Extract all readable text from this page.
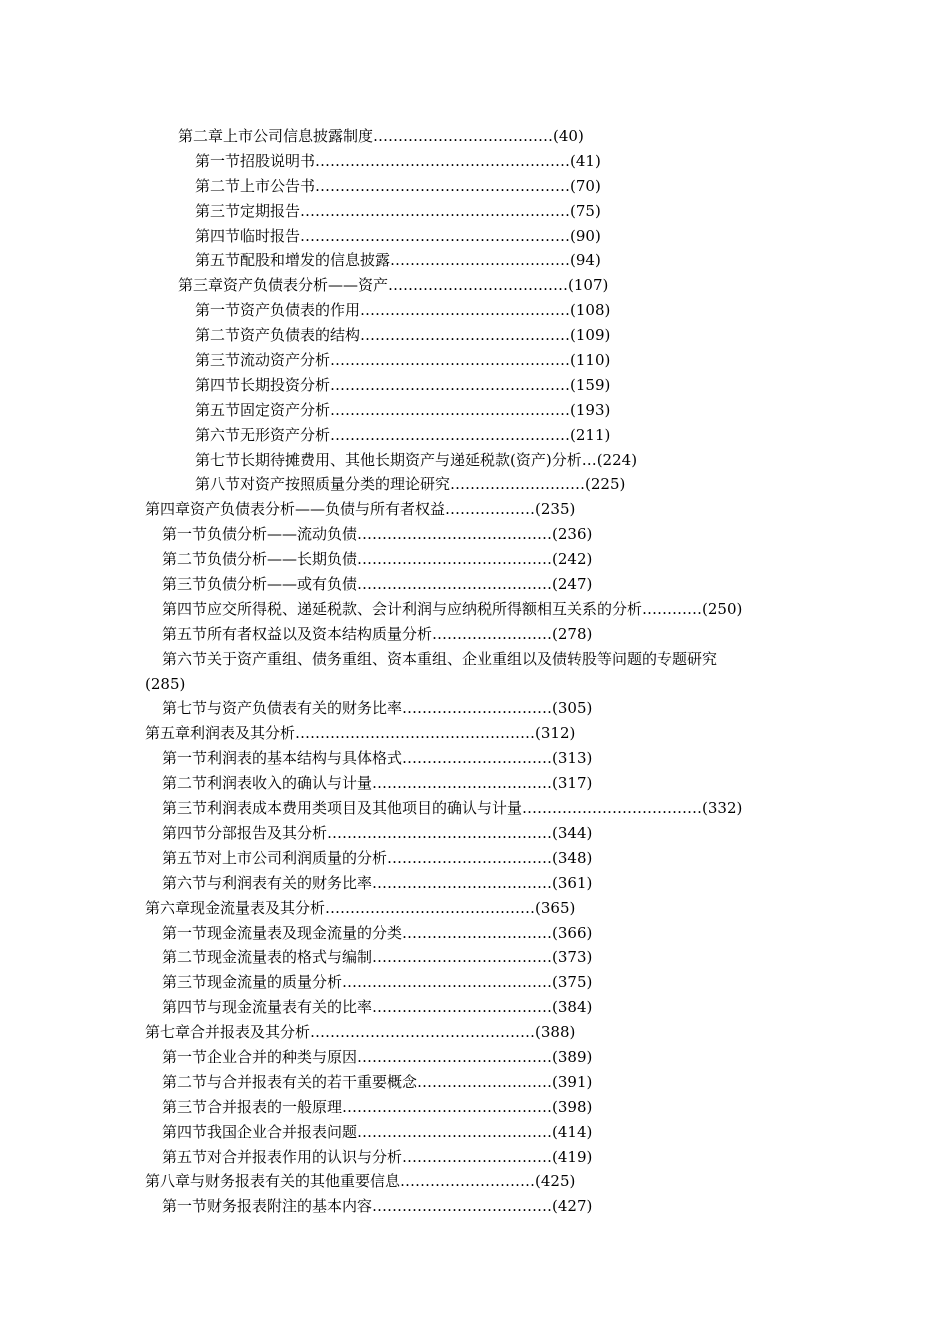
第二章上市公司信息披露制度………………………………(40)
第一节招股说明书……………………………………………(41)
第二节上市公告书……………………………………………(70)
第三节定期报告………………………………………………(75)
第四节临时报告………………………………………………(90)
第五节配股和增发的信息披露………………………………(94)
第三章资产负债表分析——资产………………………………(107)
第一节资产负债表的作用……………………………………(108)
第二节资产负债表的结构……………………………………(109)
第三节流动资产分析…………………………………………(110)
第四节长期投资分析…………………………………………(159)
第五节固定资产分析…………………………………………(193)
第六节无形资产分析…………………………………………(211)
第七节长期待摊费用、其他长期资产与递延税款(资产)分析…(224)
第八节对资产按照质量分类的理论研究………………………(225)
第四章资产负债表分析——负债与所有者权益………………(235)
第一节负债分析——流动负债…………………………………(236)
第二节负债分析——长期负债…………………………………(242)
第三节负债分析——或有负债…………………………………(247)
第四节应交所得税、递延税款、会计利润与应纳税所得额相互关系的分析…………(250)
第五节所有者权益以及资本结构质量分析……………………(278)
第六节关于资产重组、债务重组、资本重组、企业重组以及债转股等问题的专题研究
(285)
第七节与资产负债表有关的财务比率…………………………(305)
第五章利润表及其分析…………………………………………(312)
第一节利润表的基本结构与具体格式…………………………(313)
第二节利润表收入的确认与计量………………………………(317)
第三节利润表成本费用类项目及其他项目的确认与计量………………………………(332)
第四节分部报告及其分析………………………………………(344)
第五节对上市公司利润质量的分析……………………………(348)
第六节与利润表有关的财务比率………………………………(361)
第六章现金流量表及其分析……………………………………(365)
第一节现金流量表及现金流量的分类…………………………(366)
第二节现金流量表的格式与编制………………………………(373)
第三节现金流量的质量分析……………………………………(375)
第四节与现金流量表有关的比率………………………………(384)
第七章合并报表及其分析………………………………………(388)
第一节企业合并的种类与原因…………………………………(389)
第二节与合并报表有关的若干重要概念………………………(391)
第三节合并报表的一般原理……………………………………(398)
第四节我国企业合并报表问题…………………………………(414)
第五节对合并报表作用的认识与分析…………………………(419)
第八章与财务报表有关的其他重要信息………………………(425)
第一节财务报表附注的基本内容………………………………(427)
